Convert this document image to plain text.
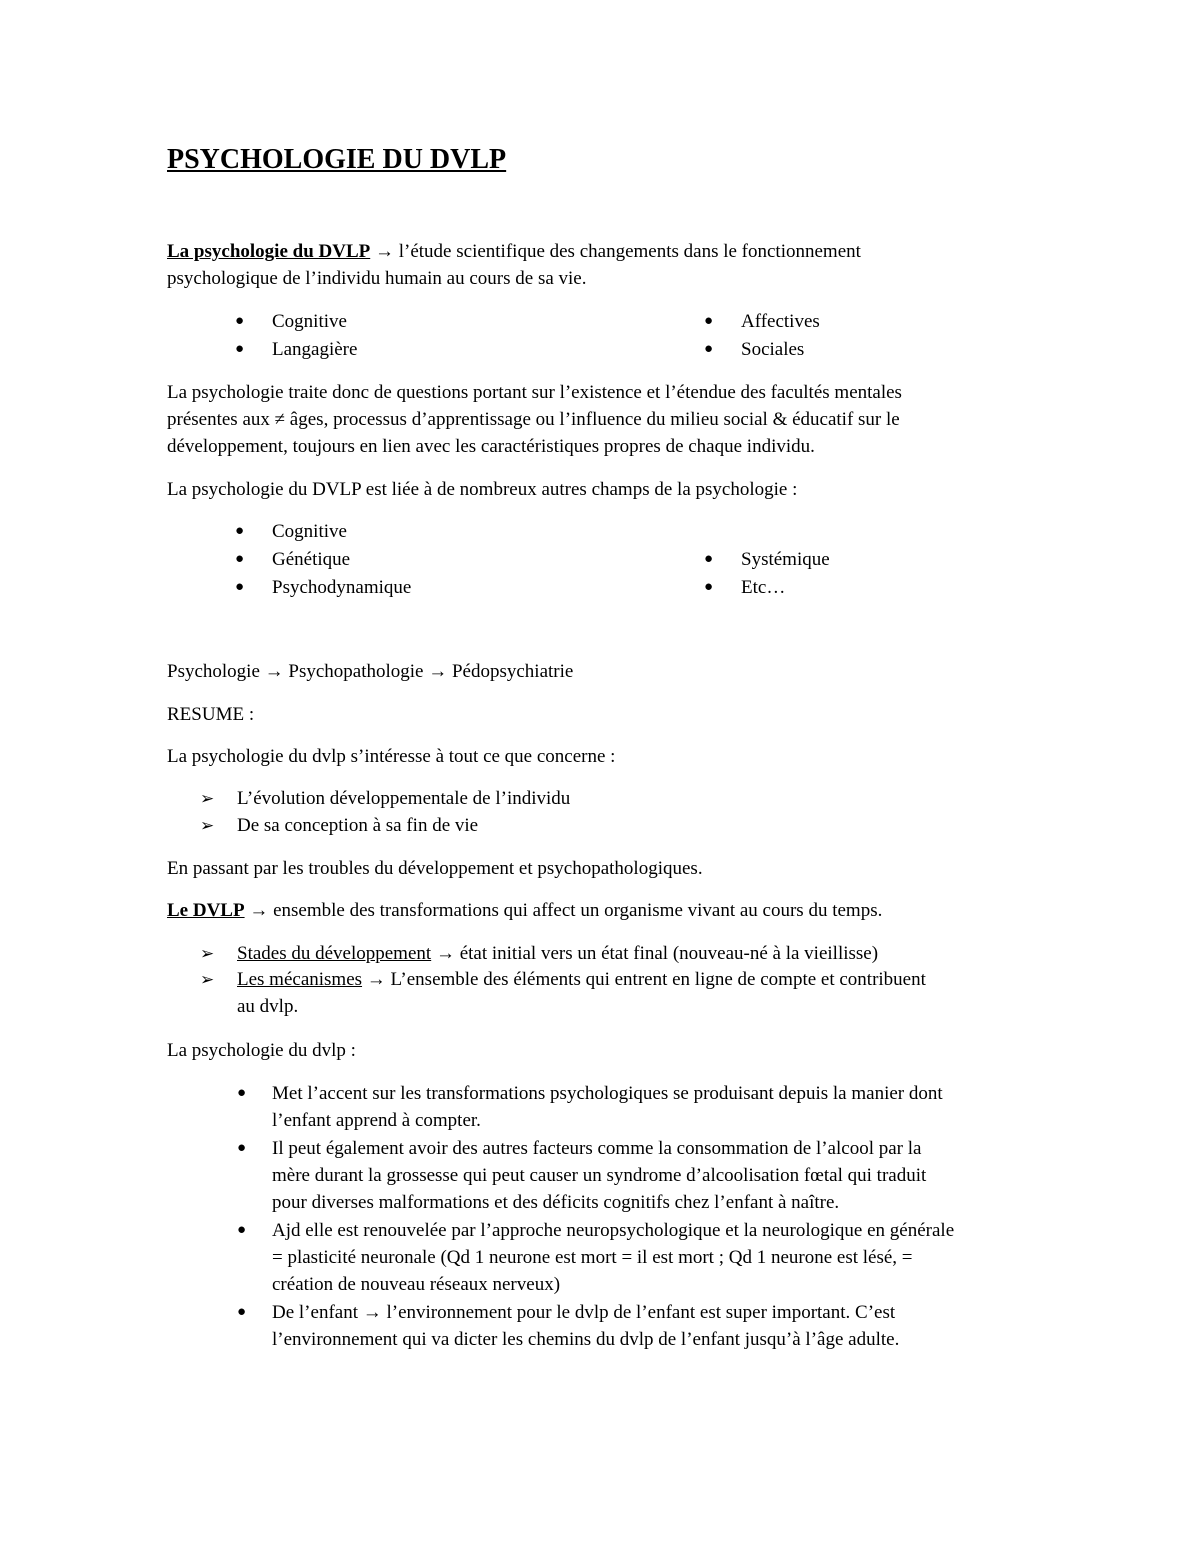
PSYCHOLOGIE DU DVLP
La psychologie du DVLP → l’étude scientifique des changements dans le fonctionnement
psychologique de l’individu humain au cours de sa vie.
● Cognitive
● Langagière
● Affectives
● Sociales
La psychologie traite donc de questions portant sur l’existence et l’étendue des facultés mentales
présentes aux ≠ âges, processus d’apprentissage ou l’influence du milieu social & éducatif sur le
développement, toujours en lien avec les caractéristiques propres de chaque individu.
La psychologie du DVLP est liée à de nombreux autres champs de la psychologie :
● Cognitive
● Génétique
● Psychodynamique
● Systémique
● Etc…
Psychologie → Psychopathologie → Pédopsychiatrie
RESUME :
La psychologie du dvlp s’intéresse à tout ce que concerne :
➢ L’évolution développementale de l’individu
➢ De sa conception à sa fin de vie
En passant par les troubles du développement et psychopathologiques.
Le DVLP → ensemble des transformations qui affect un organisme vivant au cours du temps.
➢ Stades du développement → état initial vers un état final (nouveau-né à la vieillisse)
➢ Les mécanismes → L’ensemble des éléments qui entrent en ligne de compte et contribuent
au dvlp.
La psychologie du dvlp :
● Met l’accent sur les transformations psychologiques se produisant depuis la manier dont
l’enfant apprend à compter.
● Il peut également avoir des autres facteurs comme la consommation de l’alcool par la
mère durant la grossesse qui peut causer un syndrome d’alcoolisation fœtal qui traduit
pour diverses malformations et des déficits cognitifs chez l’enfant à naître.
● Ajd elle est renouvelée par l’approche neuropsychologique et la neurologique en générale
= plasticité neuronale (Qd 1 neurone est mort = il est mort ; Qd 1 neurone est lésé, =
création de nouveau réseaux nerveux)
● De l’enfant → l’environnement pour le dvlp de l’enfant est super important. C’est
l’environnement qui va dicter les chemins du dvlp de l’enfant jusqu’à l’âge adulte.
